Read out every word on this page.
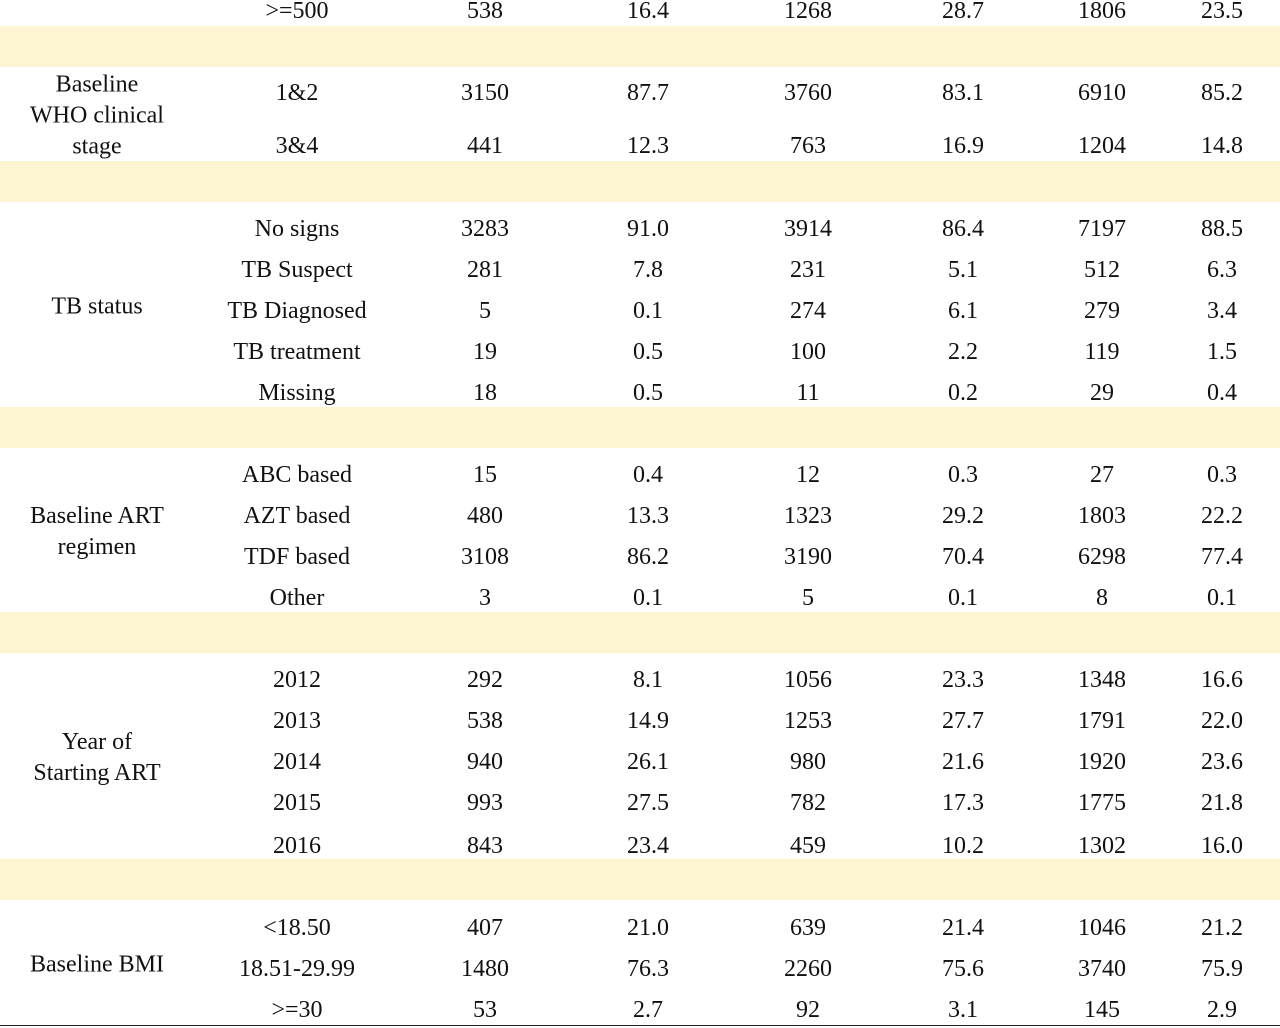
>=500	538	16.4	1268	28.7	1806	23.5
Baseline
WHO clinical
stage
1&2	3150	87.7	3760	83.1	6910	85.2
3&4	441	12.3	763	16.9	1204	14.8
TB status
No signs	3283	91.0	3914	86.4	7197	88.5
TB Suspect	281	7.8	231	5.1	512	6.3
TB Diagnosed	5	0.1	274	6.1	279	3.4
TB treatment	19	0.5	100	2.2	119	1.5
Missing	18	0.5	11	0.2	29	0.4
Baseline ART
regimen
ABC based	15	0.4	12	0.3	27	0.3
AZT based	480	13.3	1323	29.2	1803	22.2
TDF based	3108	86.2	3190	70.4	6298	77.4
Other	3	0.1	5	0.1	8	0.1
Year of
Starting ART
2012	292	8.1	1056	23.3	1348	16.6
2013	538	14.9	1253	27.7	1791	22.0
2014	940	26.1	980	21.6	1920	23.6
2015	993	27.5	782	17.3	1775	21.8
2016	843	23.4	459	10.2	1302	16.0
Baseline BMI
<18.50	407	21.0	639	21.4	1046	21.2
18.51-29.99	1480	76.3	2260	75.6	3740	75.9
>=30	53	2.7	92	3.1	145	2.9
